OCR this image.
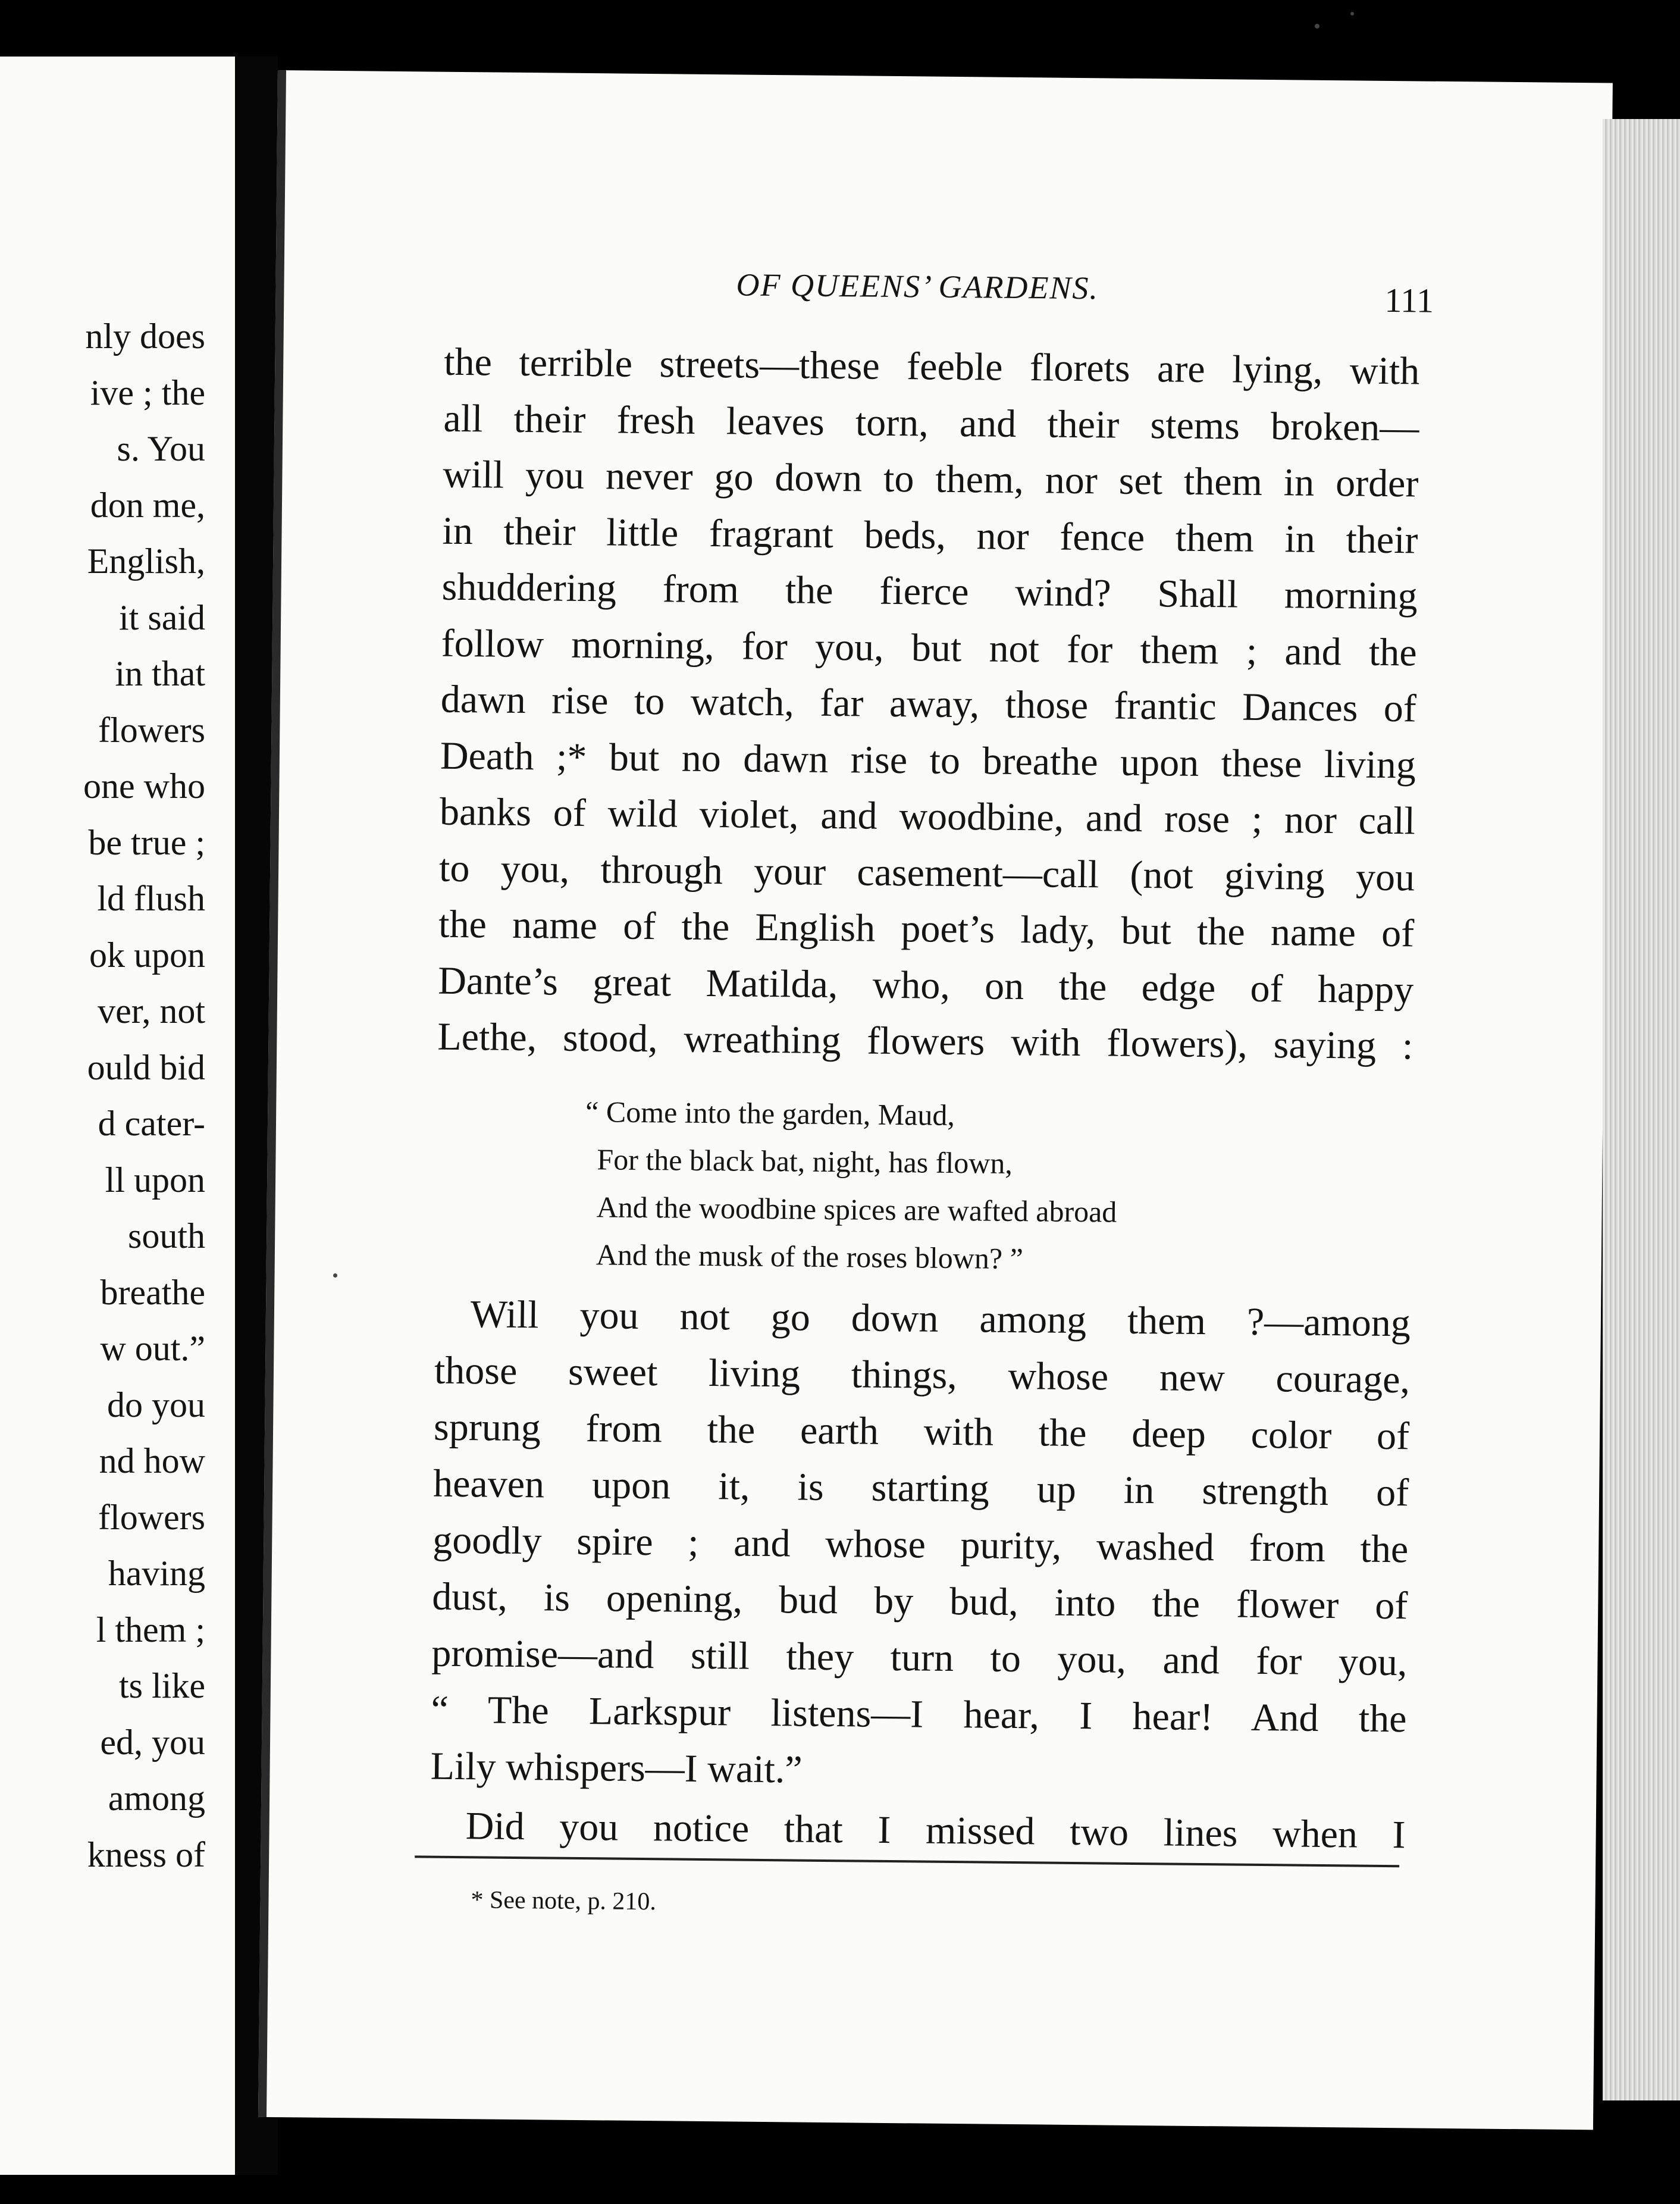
nly does
ive ; the
s. You
don me,
English,
it said
in that
flowers
one who
be true ;
ld flush
ok upon
ver, not
ould bid
d cater-
ll upon
south
breathe
w out.”
do you
nd how
flowers
having
l them ;
ts like
ed, you
among
kness of
OF QUEENS’ GARDENS.	111
the terrible streets—these feeble florets are lying, with
all their fresh leaves torn, and their stems broken—
will you never go down to them, nor set them in order
in their little fragrant beds, nor fence them in their
shuddering from the fierce wind? Shall morning
follow morning, for you, but not for them ; and the
dawn rise to watch, far away, those frantic Dances of
Death ;* but no dawn rise to breathe upon these living
banks of wild violet, and woodbine, and rose ; nor call
to you, through your casement—call (not giving you
the name of the English poet’s lady, but the name of
Dante’s great Matilda, who, on the edge of happy
Lethe, stood, wreathing flowers with flowers), saying :
“ Come into the garden, Maud,
For the black bat, night, has flown,
And the woodbine spices are wafted abroad
And the musk of the roses blown? ”
Will you not go down among them ?—among
those sweet living things, whose new courage,
sprung from the earth with the deep color of
heaven upon it, is starting up in strength of
goodly spire ; and whose purity, washed from the
dust, is opening, bud by bud, into the flower of
promise—and still they turn to you, and for you,
“ The Larkspur listens—I hear, I hear! And the
Lily whispers—I wait.”
Did you notice that I missed two lines when I
* See note, p. 210.
